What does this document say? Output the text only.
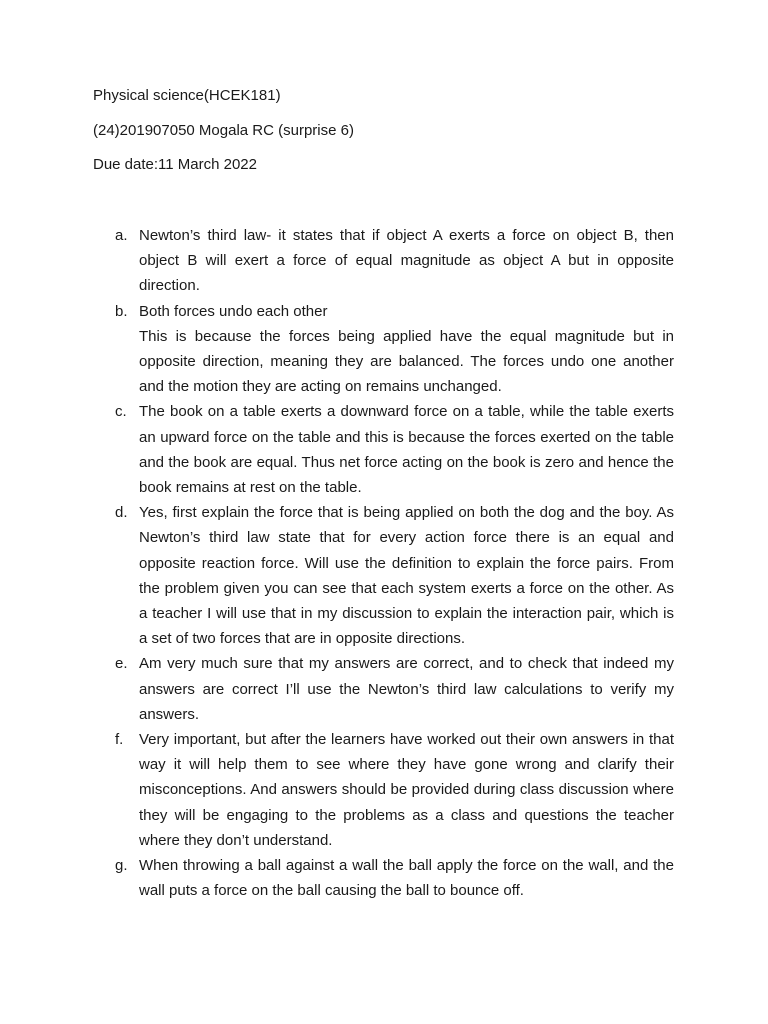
Physical science(HCEK181)

(24)201907050 Mogala RC (surprise 6)

Due date:11 March 2022

a. Newton’s third law- it states that if object A exerts a force on object B, then object B will exert a force of equal magnitude as object A but in opposite direction.
b. Both forces undo each other
This is because the forces being applied have the equal magnitude but in opposite direction, meaning they are balanced. The forces undo one another and the motion they are acting on remains unchanged.
c. The book on a table exerts a downward force on a table, while the table exerts an upward force on the table and this is because the forces exerted on the table and the book are equal. Thus net force acting on the book is zero and hence the book remains at rest on the table.
d. Yes, first explain the force that is being applied on both the dog and the boy. As Newton’s third law state that for every action force there is an equal and opposite reaction force. Will use the definition to explain the force pairs. From the problem given you can see that each system exerts a force on the other. As a teacher I will use that in my discussion to explain the interaction pair, which is a set of two forces that are in opposite directions.
e. Am very much sure that my answers are correct, and to check that indeed my answers are correct I’ll use the Newton’s third law calculations to verify my answers.
f.	Very important, but after the learners have worked out their own answers in that way it will help them to see where they have gone wrong and clarify their misconceptions. And answers should be provided during class discussion where they will be engaging to the problems as a class and questions the teacher where they don’t understand.
g. When throwing a ball against a wall the ball apply the force on the wall, and the wall puts a force on the ball causing the ball to bounce off.
